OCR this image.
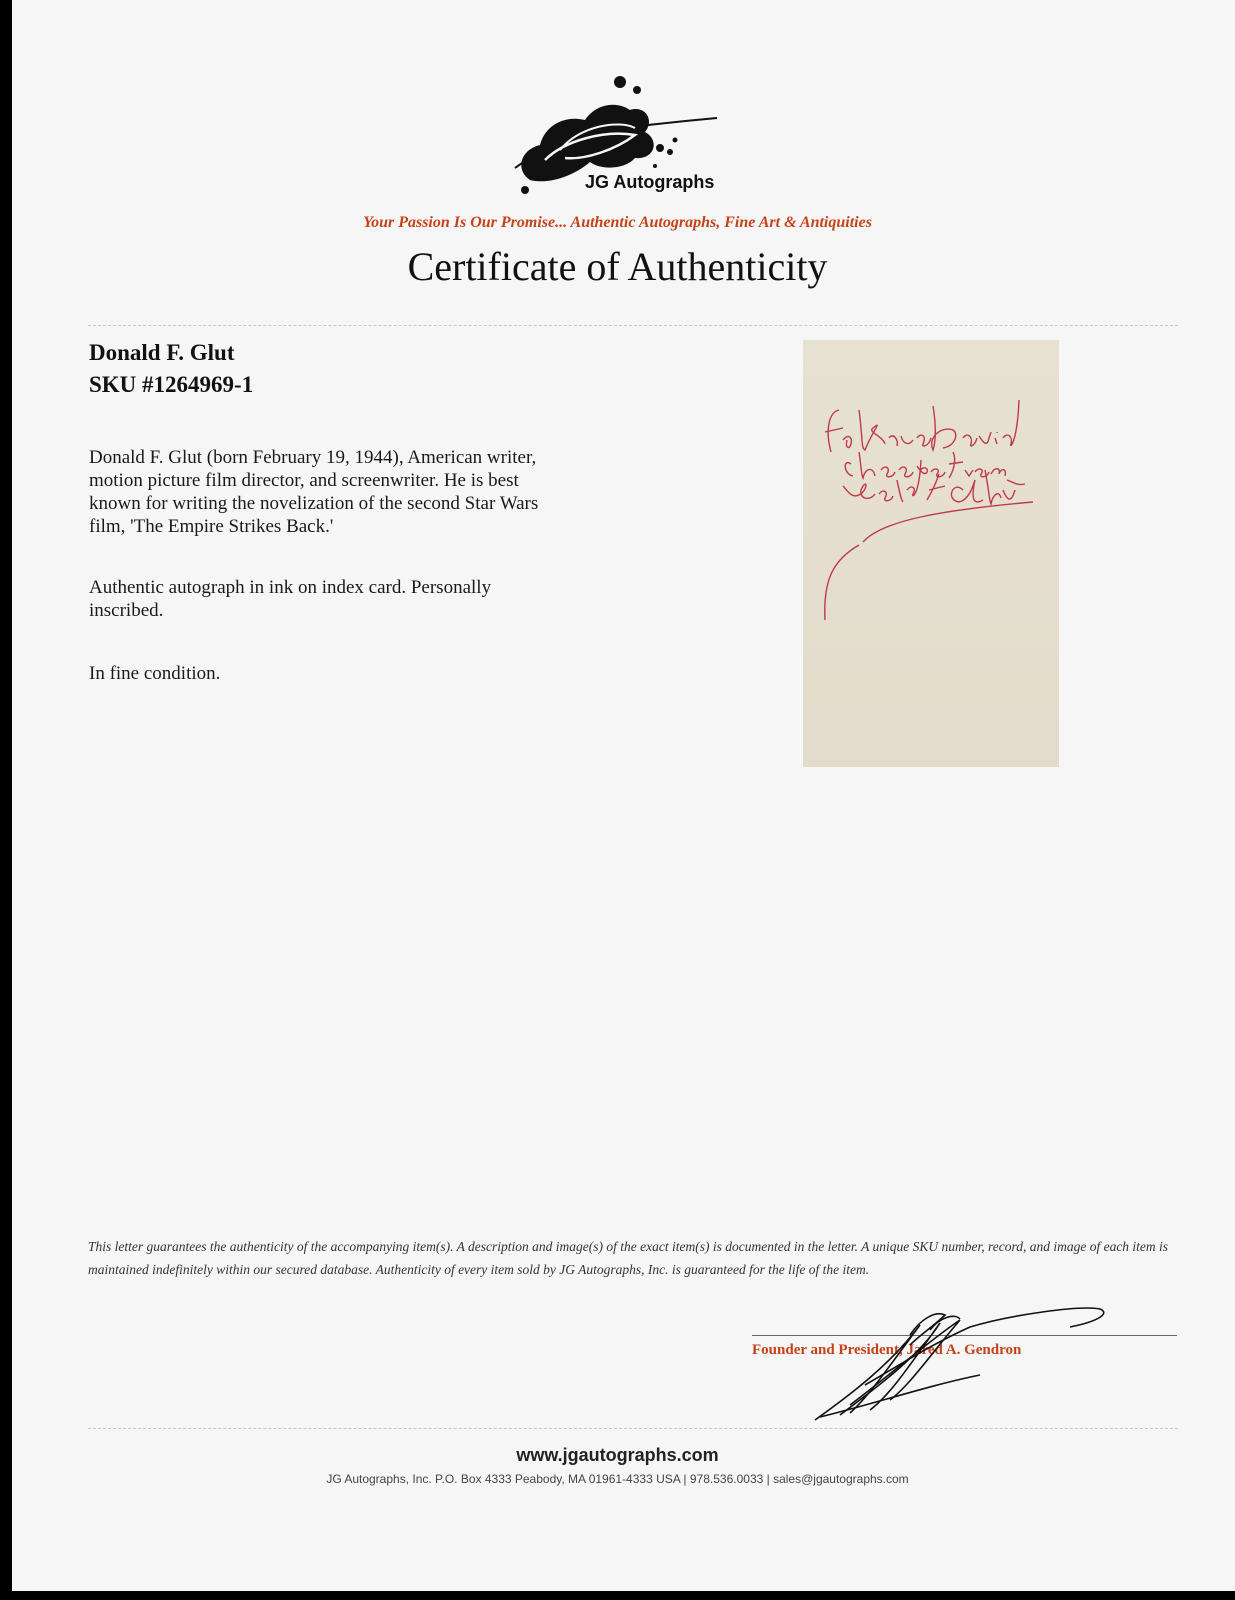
JG Autographs
Your Passion Is Our Promise... Authentic Autographs, Fine Art & Antiquities
Certificate of Authenticity
Donald F. Glut
SKU #1264969-1
Donald F. Glut (born February 19, 1944), American writer, motion picture film director, and screenwriter. He is best known for writing the novelization of the second Star Wars film, 'The Empire Strikes Back.'
Authentic autograph in ink on index card. Personally inscribed.
In fine condition.
This letter guarantees the authenticity of the accompanying item(s). A description and image(s) of the exact item(s) is documented in the letter. A unique SKU number, record, and image of each item is maintained indefinitely within our secured database. Authenticity of every item sold by JG Autographs, Inc. is guaranteed for the life of the item.
Founder and President, Jared A. Gendron
www.jgautographs.com
JG Autographs, Inc. P.O. Box 4333 Peabody, MA 01961-4333 USA | 978.536.0033 | sales@jgautographs.com
